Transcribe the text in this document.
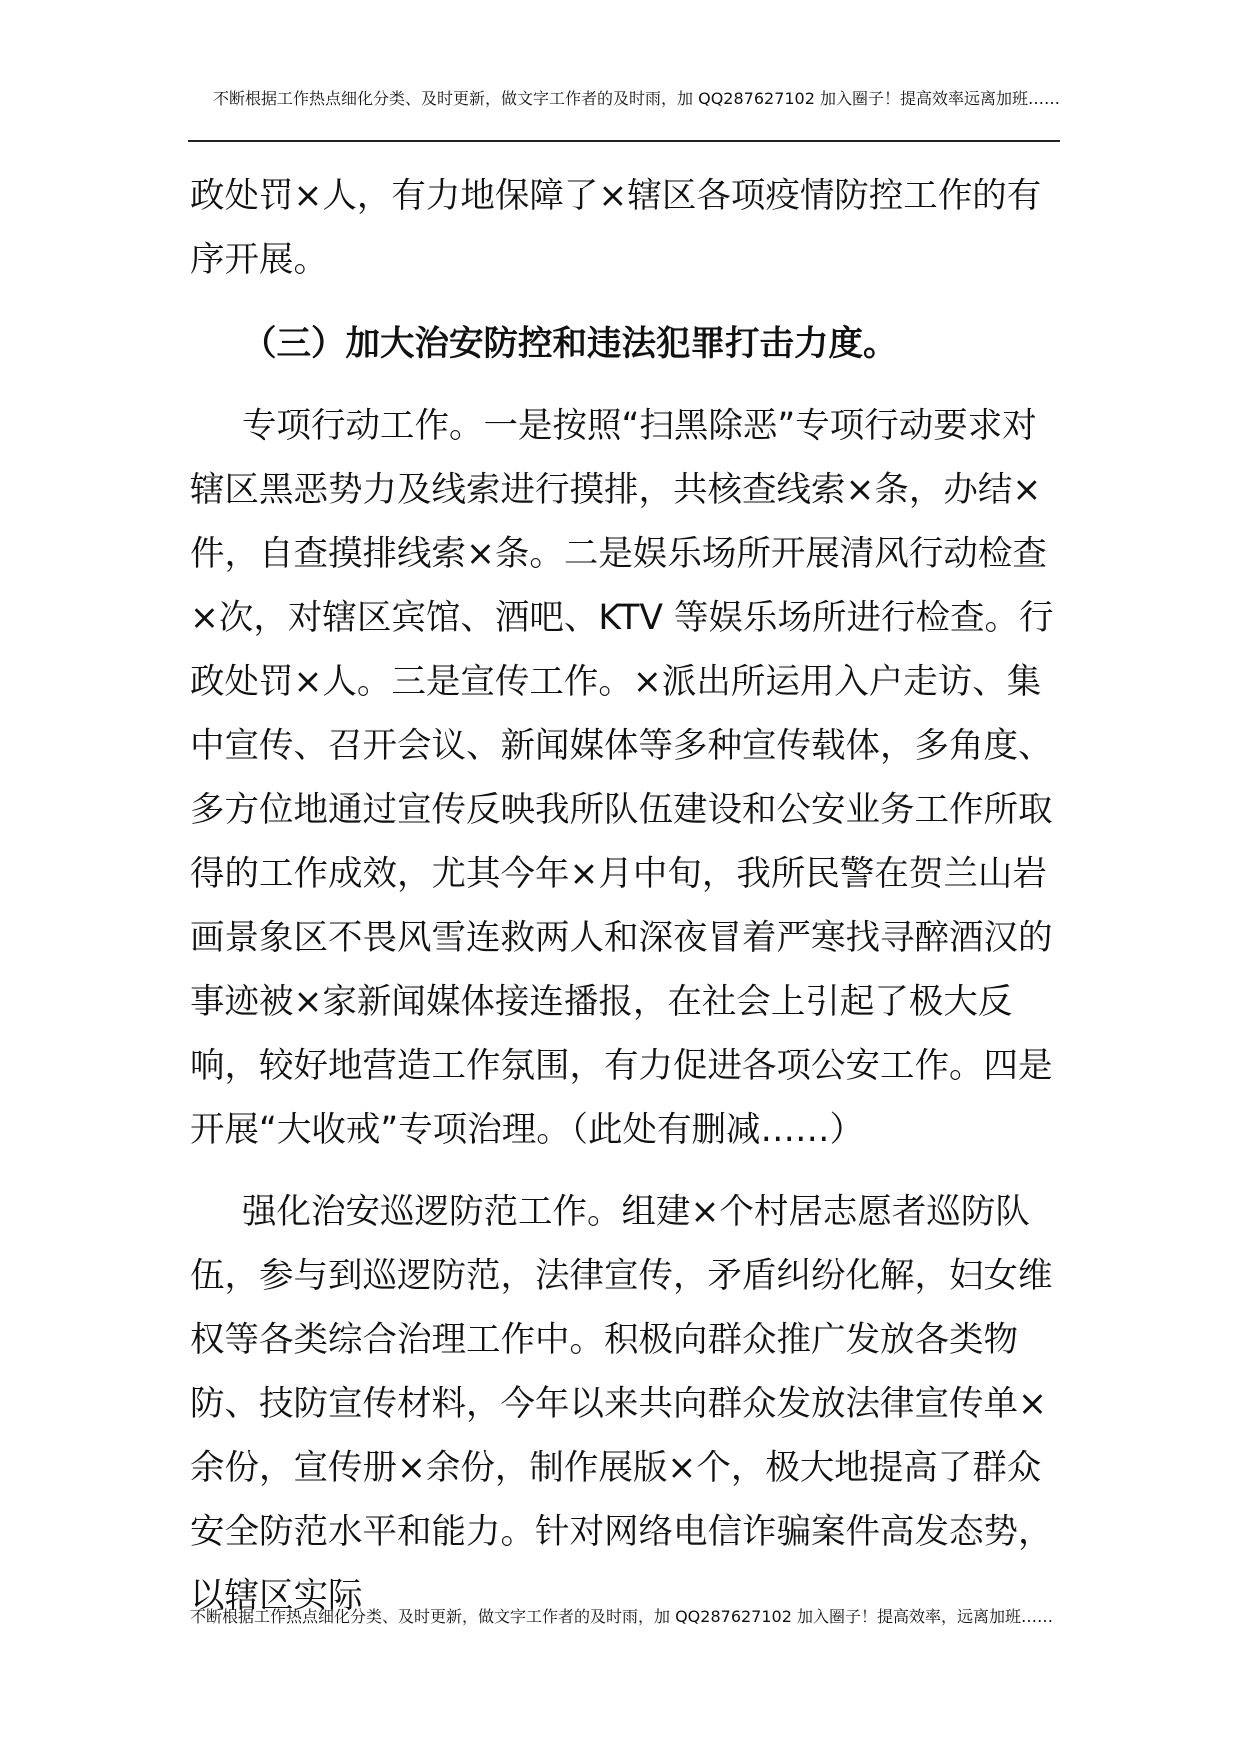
不断根据工作热点细化分类、及时更新，做文字工作者的及时雨，加 QQ287627102 加入圈子！提高效率远离加班……

政处罚×人，有力地保障了×辖区各项疫情防控工作的有序开展。

（三）加大治安防控和违法犯罪打击力度。

专项行动工作。一是按照“扫黑除恶”专项行动要求对辖区黑恶势力及线索进行摸排，共核查线索×条，办结×件，自查摸排线索×条。二是娱乐场所开展清风行动检查×次，对辖区宾馆、酒吧、KTV 等娱乐场所进行检查。行政处罚×人。三是宣传工作。×派出所运用入户走访、集中宣传、召开会议、新闻媒体等多种宣传载体，多角度、多方位地通过宣传反映我所队伍建设和公安业务工作所取得的工作成效，尤其今年×月中旬，我所民警在贺兰山岩画景象区不畏风雪连救两人和深夜冒着严寒找寻醉酒汉的事迹被×家新闻媒体接连播报，在社会上引起了极大反响，较好地营造工作氛围，有力促进各项公安工作。四是开展“大收戒”专项治理。（此处有删减……）

强化治安巡逻防范工作。组建×个村居志愿者巡防队伍，参与到巡逻防范，法律宣传，矛盾纠纷化解，妇女维权等各类综合治理工作中。积极向群众推广发放各类物防、技防宣传材料，今年以来共向群众发放法律宣传单×余份，宣传册×余份，制作展版×个，极大地提高了群众安全防范水平和能力。针对网络电信诈骗案件高发态势，以辖区实际

不断根据工作热点细化分类、及时更新，做文字工作者的及时雨，加 QQ287627102 加入圈子！提高效率，远离加班……
